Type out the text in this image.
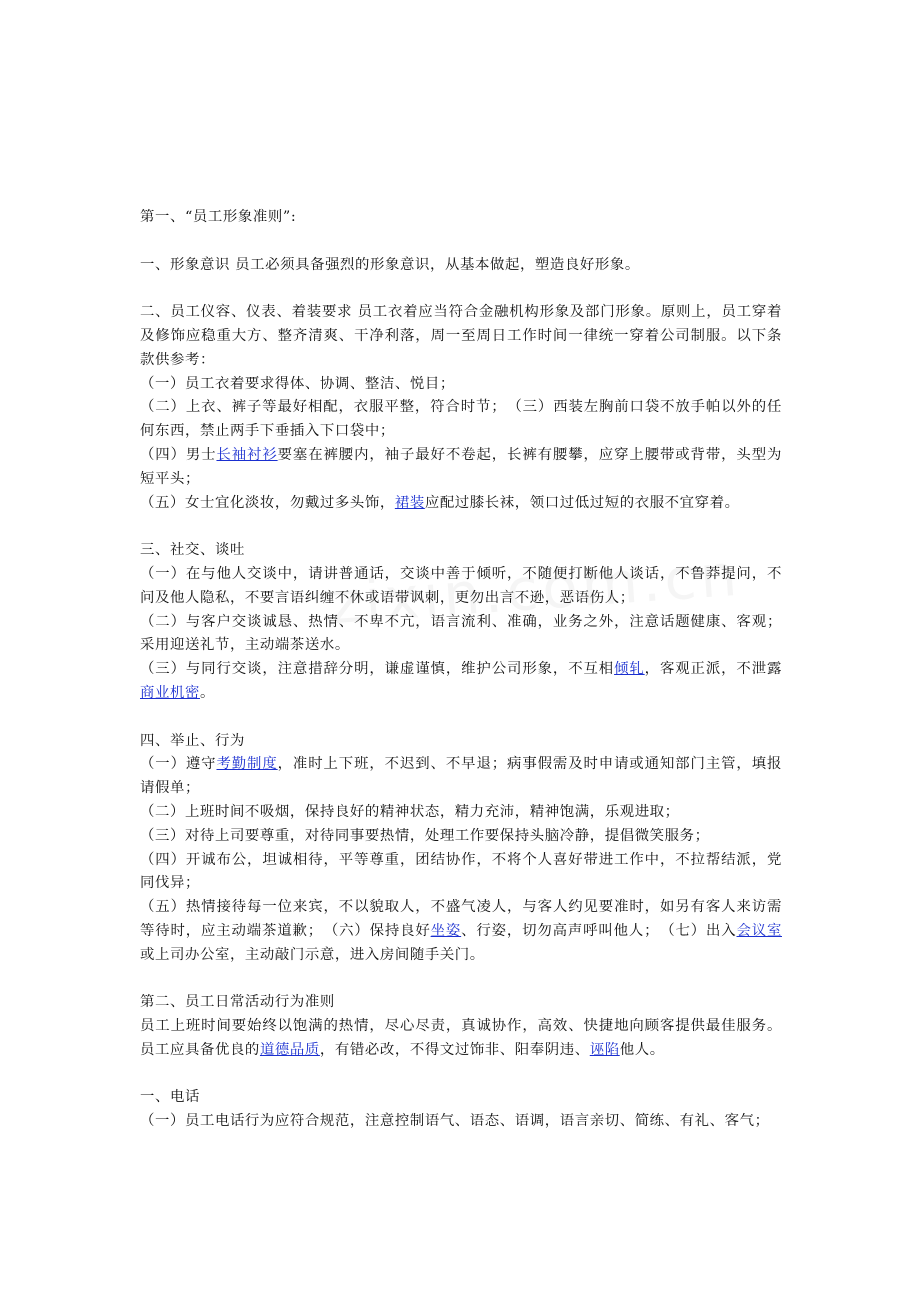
第一、“员工形象准则”:

一、形象意识 员工必须具备强烈的形象意识，从基本做起，塑造良好形象。

二、员工仪容、仪表、着装要求 员工衣着应当符合金融机构形象及部门形象。原则上，员工穿着及修饰应稳重大方、整齐清爽、干净利落，周一至周日工作时间一律统一穿着公司制服。以下条款供参考：

（一）员工衣着要求得体、协调、整洁、悦目；

（二）上衣、裤子等最好相配，衣服平整，符合时节；　（三）西装左胸前口袋不放手帕以外的任何东西，禁止两手下垂插入下口袋中；

（四）男士长袖衬衫要塞在裤腰内，袖子最好不卷起，长裤有腰攀，应穿上腰带或背带，头型为短平头；

（五）女士宜化淡妆，勿戴过多头饰，裙装应配过膝长袜，领口过低过短的衣服不宜穿着。

三、社交、谈吐

（一）在与他人交谈中，请讲普通话，交谈中善于倾听，不随便打断他人谈话，不鲁莽提问，不问及他人隐私，不要言语纠缠不休或语带讽刺，更勿出言不逊，恶语伤人；

（二）与客户交谈诚恳、热情、不卑不亢，语言流利、准确，业务之外，注意话题健康、客观；采用迎送礼节，主动端茶送水。

（三）与同行交谈，注意措辞分明，谦虚谨慎，维护公司形象，不互相倾轧，客观正派，不泄露商业机密。

四、举止、行为

（一）遵守考勤制度，准时上下班，不迟到、不早退；病事假需及时申请或通知部门主管，填报请假单；

（二）上班时间不吸烟，保持良好的精神状态，精力充沛，精神饱满，乐观进取；

（三）对待上司要尊重，对待同事要热情，处理工作要保持头脑冷静，提倡微笑服务；

（四）开诚布公，坦诚相待，平等尊重，团结协作，不将个人喜好带进工作中，不拉帮结派，党同伐异；

（五）热情接待每一位来宾，不以貌取人，不盛气凌人，与客人约见要准时，如另有客人来访需等待时，应主动端茶道歉；　（六）保持良好坐姿、行姿，切勿高声呼叫他人；　（七）出入会议室或上司办公室，主动敲门示意，进入房间随手关门。

第二、员工日常活动行为准则

员工上班时间要始终以饱满的热情，尽心尽责，真诚协作，高效、快捷地向顾客提供最佳服务。员工应具备优良的道德品质，有错必改，不得文过饰非、阳奉阴违、诬陷他人。

一、电话

（一）员工电话行为应符合规范，注意控制语气、语态、语调，语言亲切、简练、有礼、客气；
